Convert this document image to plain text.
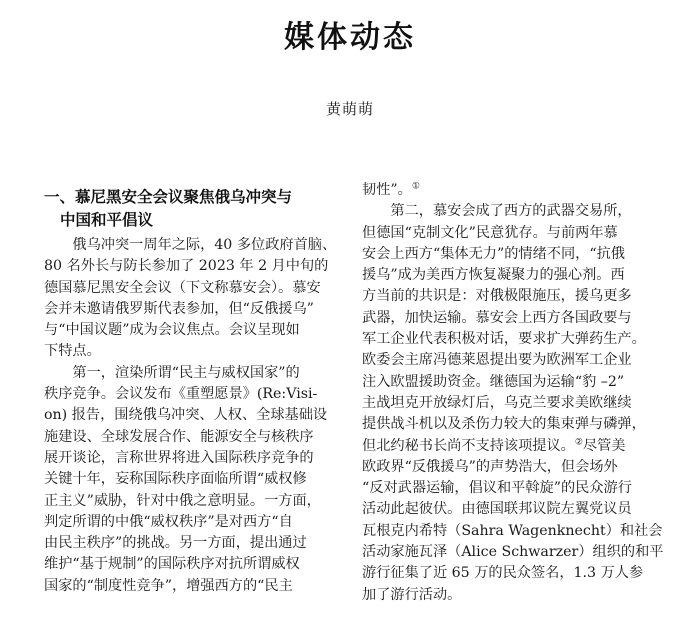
媒体动态
黄萌萌
一、慕尼黑安全会议聚焦俄乌冲突与
中国和平倡议
俄乌冲突一周年之际，40 多位政府首脑、
80 名外长与防长参加了 2023 年 2 月中旬的
德国慕尼黑安全会议（下文称慕安会）。慕安
会并未邀请俄罗斯代表参加，但“反俄援乌”
与“中国议题”成为会议焦点。会议呈现如
下特点。
第一，渲染所谓“民主与威权国家”的
秩序竞争。会议发布《重塑愿景》(Re:Visi-
on) 报告，围绕俄乌冲突、人权、全球基础设
施建设、全球发展合作、能源安全与核秩序
展开谈论，言称世界将进入国际秩序竞争的
关键十年，妄称国际秩序面临所谓“威权修
正主义”威胁，针对中俄之意明显。一方面，
判定所谓的中俄“威权秩序”是对西方“自
由民主秩序”的挑战。另一方面，提出通过
维护“基于规制”的国际秩序对抗所谓威权
国家的“制度性竞争”，增强西方的“民主
韧性”。①
第二，慕安会成了西方的武器交易所，
但德国“克制文化”民意犹存。与前两年慕
安会上西方“集体无力”的情绪不同，“抗俄
援乌”成为美西方恢复凝聚力的强心剂。西
方当前的共识是：对俄极限施压，援乌更多
武器，加快运输。慕安会上西方各国政要与
军工企业代表积极对话，要求扩大弹药生产。
欧委会主席冯德莱恩提出要为欧洲军工企业
注入欧盟援助资金。继德国为运输“豹 –2”
主战坦克开放绿灯后，乌克兰要求美欧继续
提供战斗机以及杀伤力较大的集束弹与磷弹，
但北约秘书长尚不支持该项提议。②尽管美
欧政界“反俄援乌”的声势浩大，但会场外
“反对武器运输，倡议和平斡旋”的民众游行
活动此起彼伏。由德国联邦议院左翼党议员
瓦根克内希特（Sahra Wagenknecht）和社会
活动家施瓦泽（Alice Schwarzer）组织的和平
游行征集了近 65 万的民众签名，1.3 万人参
加了游行活动。
